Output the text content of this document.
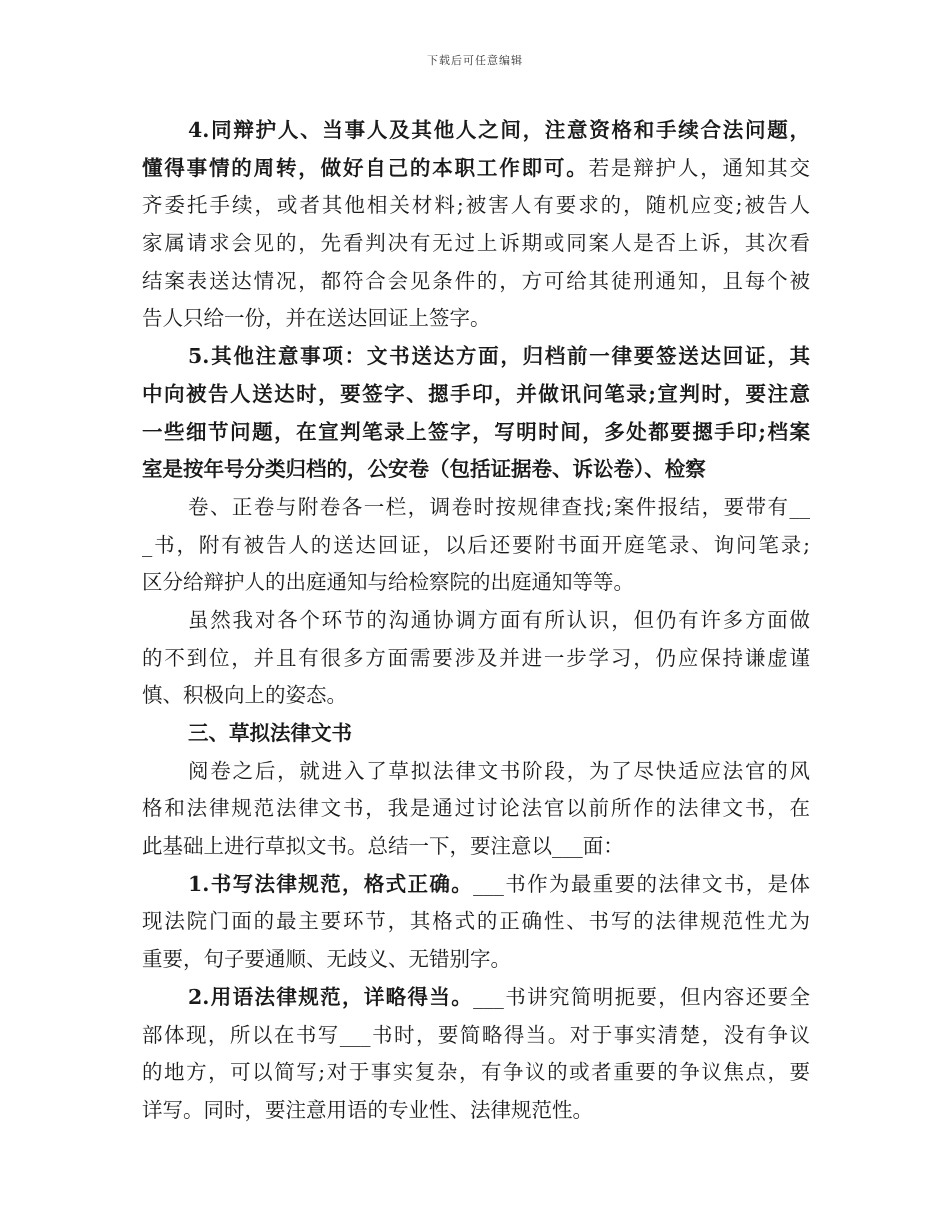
下载后可任意编辑
4.同辩护人、当事人及其他人之间，注意资格和手续合法问题，
懂得事情的周转，做好自己的本职工作即可。若是辩护人，通知其交
齐委托手续，或者其他相关材料;被害人有要求的，随机应变;被告人
家属请求会见的，先看判决有无过上诉期或同案人是否上诉，其次看
结案表送达情况，都符合会见条件的，方可给其徒刑通知，且每个被
告人只给一份，并在送达回证上签字。
5.其他注意事项：文书送达方面，归档前一律要签送达回证，其
中向被告人送达时，要签字、摁手印，并做讯问笔录;宣判时，要注意
一些细节问题，在宣判笔录上签字，写明时间，多处都要摁手印;档案
室是按年号分类归档的，公安卷（包括证据卷、诉讼卷）、检察
卷、正卷与附卷各一栏，调卷时按规律查找;案件报结，要带有__
_书，附有被告人的送达回证，以后还要附书面开庭笔录、询问笔录;
区分给辩护人的出庭通知与给检察院的出庭通知等等。
虽然我对各个环节的沟通协调方面有所认识，但仍有许多方面做
的不到位，并且有很多方面需要涉及并进一步学习，仍应保持谦虚谨
慎、积极向上的姿态。
三、草拟法律文书
阅卷之后，就进入了草拟法律文书阶段，为了尽快适应法官的风
格和法律规范法律文书，我是通过讨论法官以前所作的法律文书，在
此基础上进行草拟文书。总结一下，要注意以___面：
1.书写法律规范，格式正确。___书作为最重要的法律文书，是体
现法院门面的最主要环节，其格式的正确性、书写的法律规范性尤为
重要，句子要通顺、无歧义、无错别字。
2.用语法律规范，详略得当。___书讲究简明扼要，但内容还要全
部体现，所以在书写___书时，要简略得当。对于事实清楚，没有争议
的地方，可以简写;对于事实复杂，有争议的或者重要的争议焦点，要
详写。同时，要注意用语的专业性、法律规范性。
